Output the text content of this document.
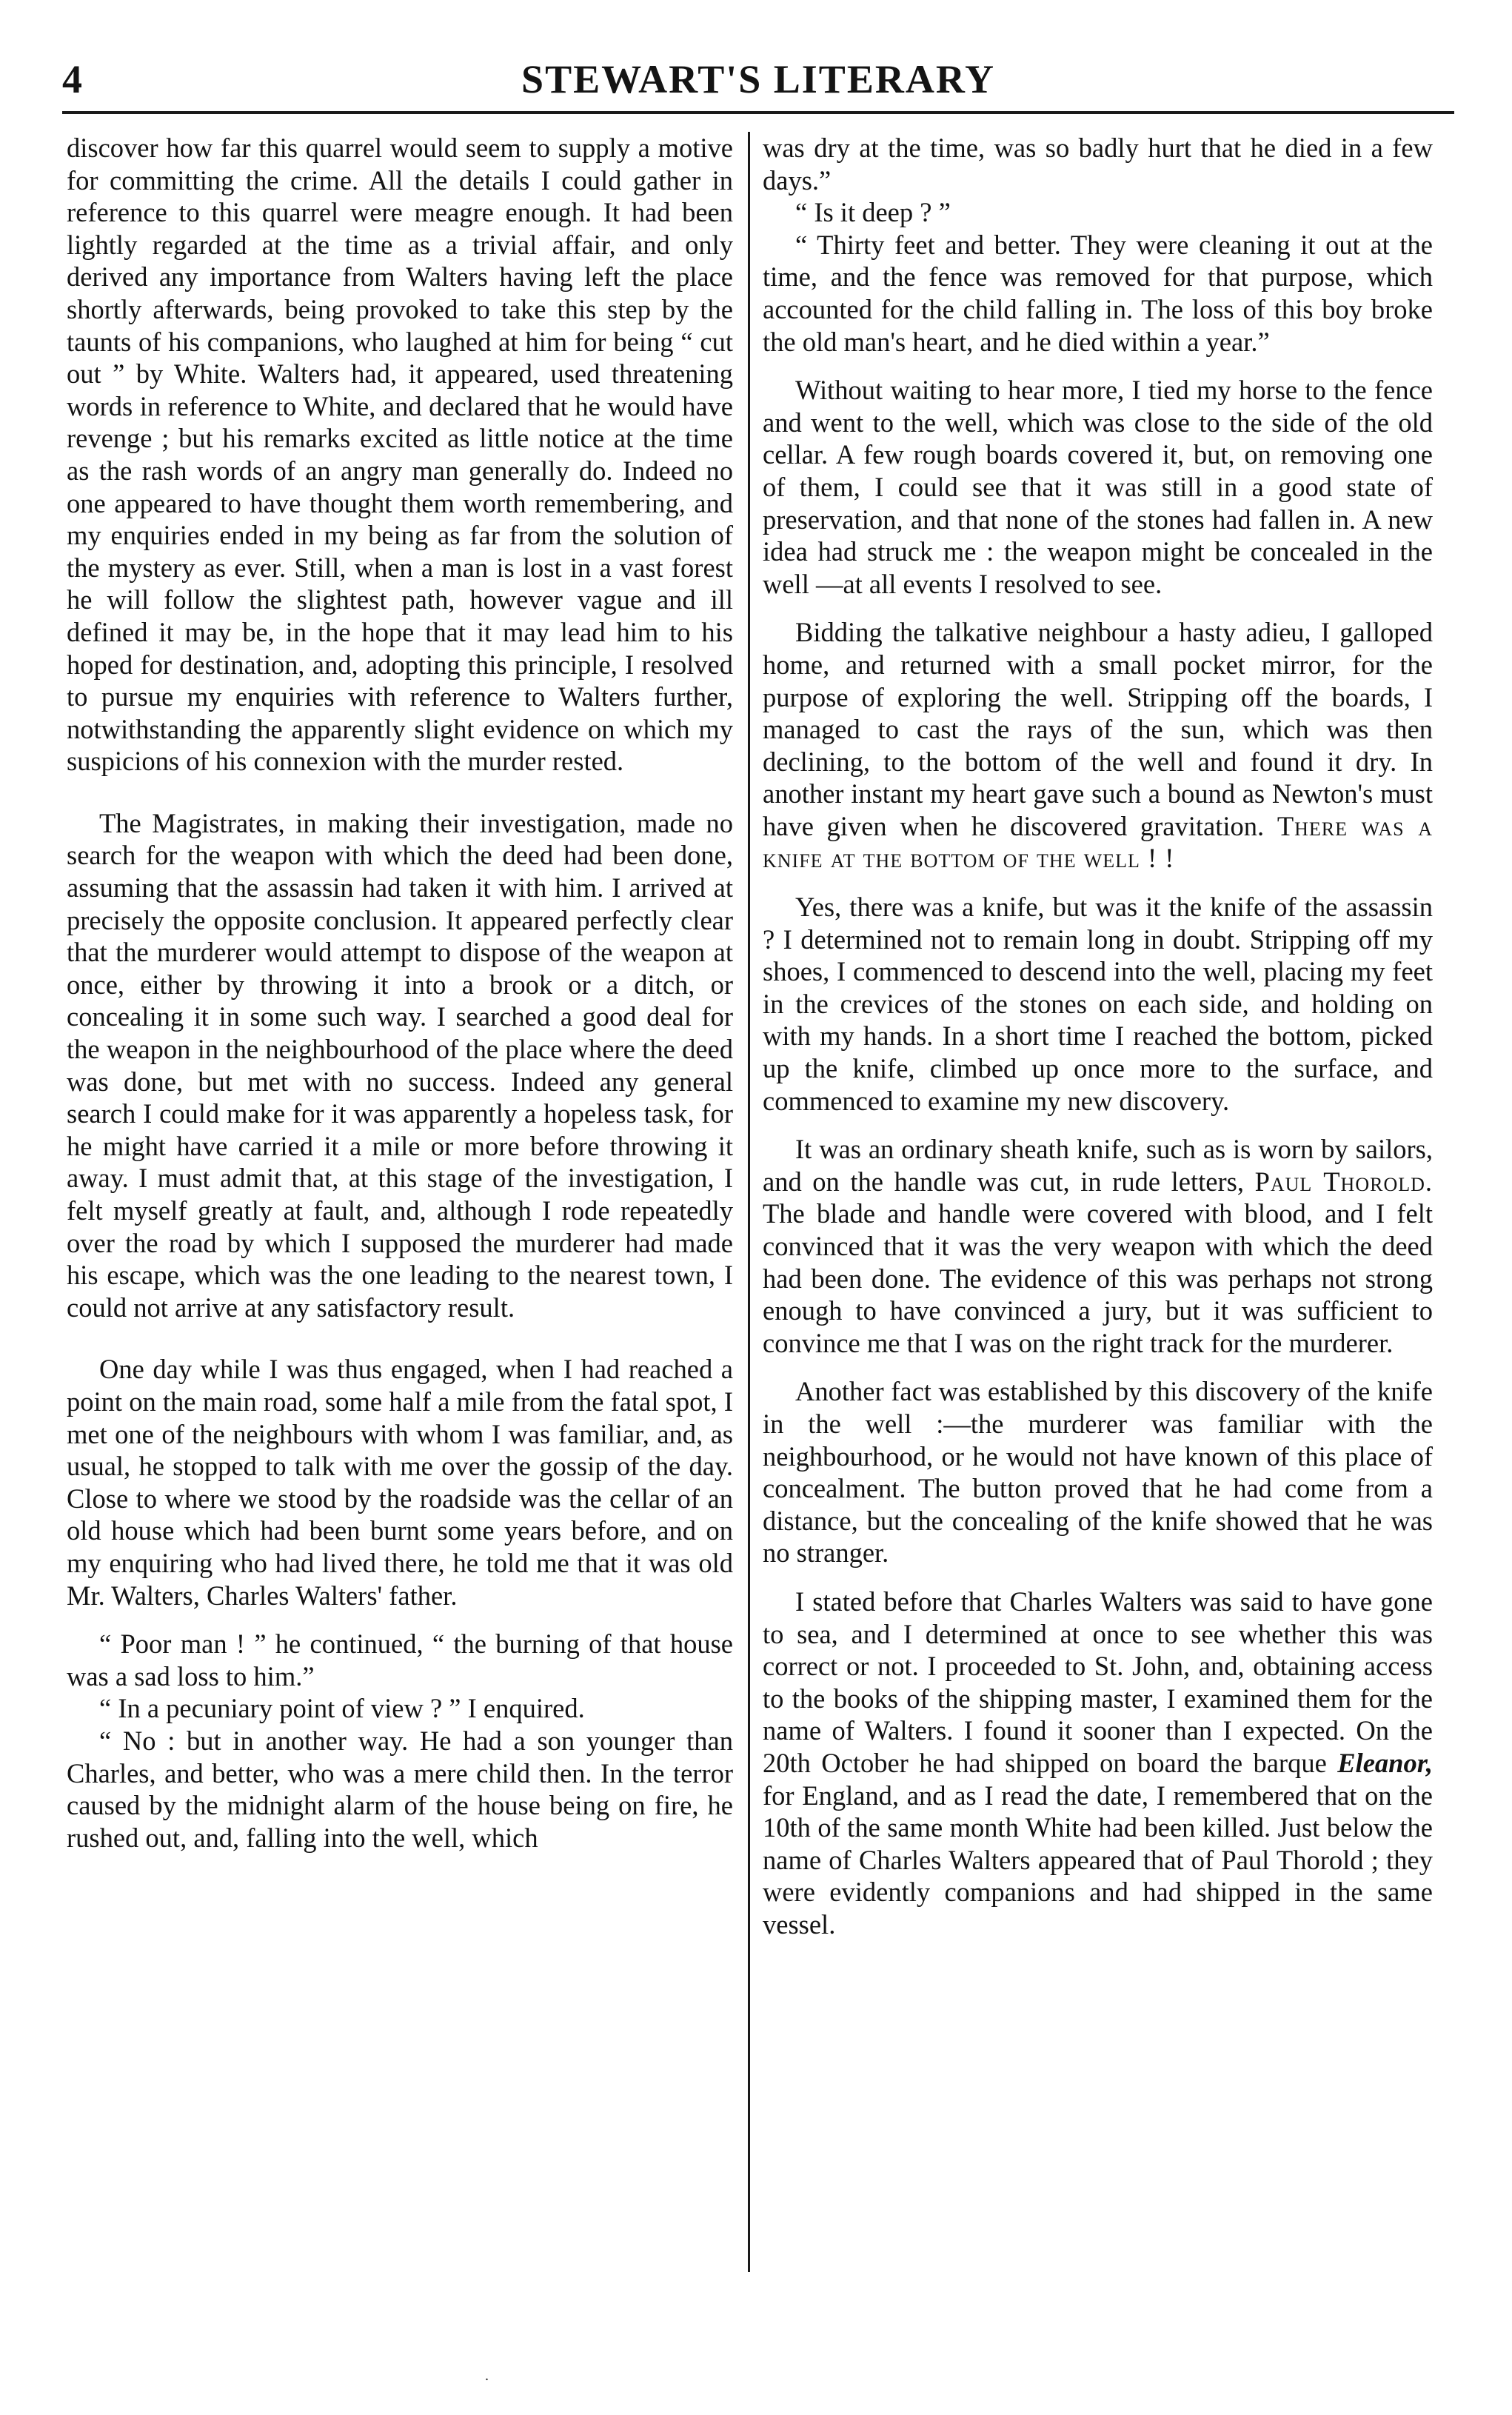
STEWART'S LITERARY
4

discover how far this quarrel would seem to supply a motive for committing the crime. All the details I could gather in reference to this quarrel were meagre enough. It had been lightly regarded at the time as a trivial affair, and only derived any importance from Walters having left the place shortly afterwards, being provoked to take this step by the taunts of his companions, who laughed at him for being “ cut out ” by White. Walters had, it appeared, used threatening words in reference to White, and declared that he would have revenge ; but his remarks excited as little notice at the time as the rash words of an angry man generally do. Indeed no one appeared to have thought them worth remembering, and my enquiries ended in my being as far from the solution of the mystery as ever. Still, when a man is lost in a vast forest he will follow the slightest path, however vague and ill defined it may be, in the hope that it may lead him to his hoped for destination, and, adopting this principle, I resolved to pursue my enquiries with reference to Walters further, notwithstanding the apparently slight evidence on which my suspicions of his connexion with the murder rested.

The Magistrates, in making their investigation, made no search for the weapon with which the deed had been done, assuming that the assassin had taken it with him. I arrived at precisely the opposite conclusion. It appeared perfectly clear that the murderer would attempt to dispose of the weapon at once, either by throwing it into a brook or a ditch, or concealing it in some such way. I searched a good deal for the weapon in the neighbourhood of the place where the deed was done, but met with no success. Indeed any general search I could make for it was apparently a hopeless task, for he might have carried it a mile or more before throwing it away. I must admit that, at this stage of the investigation, I felt myself greatly at fault, and, although I rode repeatedly over the road by which I supposed the murderer had made his escape, which was the one leading to the nearest town, I could not arrive at any satisfactory result.

One day while I was thus engaged, when I had reached a point on the main road, some half a mile from the fatal spot, I met one of the neighbours with whom I was familiar, and, as usual, he stopped to talk with me over the gossip of the day. Close to where we stood by the roadside was the cellar of an old house which had been burnt some years before, and on my enquiring who had lived there, he told me that it was old Mr. Walters, Charles Walters' father.

“ Poor man ! ” he continued, “ the burning of that house was a sad loss to him.”

“ In a pecuniary point of view ? ” I enquired.

“ No : but in another way. He had a son younger than Charles, and better, who was a mere child then. In the terror caused by the midnight alarm of the house being on fire, he rushed out, and, falling into the well, which

was dry at the time, was so badly hurt that he died in a few days.”

“ Is it deep ? ”

“ Thirty feet and better. They were cleaning it out at the time, and the fence was removed for that purpose, which accounted for the child falling in. The loss of this boy broke the old man's heart, and he died within a year.”

Without waiting to hear more, I tied my horse to the fence and went to the well, which was close to the side of the old cellar. A few rough boards covered it, but, on removing one of them, I could see that it was still in a good state of preservation, and that none of the stones had fallen in. A new idea had struck me : the weapon might be concealed in the well —at all events I resolved to see.

Bidding the talkative neighbour a hasty adieu, I galloped home, and returned with a small pocket mirror, for the purpose of exploring the well. Stripping off the boards, I managed to cast the rays of the sun, which was then declining, to the bottom of the well and found it dry. In another instant my heart gave such a bound as Newton's must have given when he discovered gravitation. There was a knife at the bottom of the well ! !

Yes, there was a knife, but was it the knife of the assassin ? I determined not to remain long in doubt. Stripping off my shoes, I commenced to descend into the well, placing my feet in the crevices of the stones on each side, and holding on with my hands. In a short time I reached the bottom, picked up the knife, climbed up once more to the surface, and commenced to examine my new discovery.

It was an ordinary sheath knife, such as is worn by sailors, and on the handle was cut, in rude letters, Paul Thorold. The blade and handle were covered with blood, and I felt convinced that it was the very weapon with which the deed had been done. The evidence of this was perhaps not strong enough to have convinced a jury, but it was sufficient to convince me that I was on the right track for the murderer.

Another fact was established by this discovery of the knife in the well :—the murderer was familiar with the neighbourhood, or he would not have known of this place of concealment. The button proved that he had come from a distance, but the concealing of the knife showed that he was no stranger.

I stated before that Charles Walters was said to have gone to sea, and I determined at once to see whether this was correct or not. I proceeded to St. John, and, obtaining access to the books of the shipping master, I examined them for the name of Walters. I found it sooner than I expected. On the 20th October he had shipped on board the barque Eleanor, for England, and as I read the date, I remembered that on the 10th of the same month White had been killed. Just below the name of Charles Walters appeared that of Paul Thorold ; they were evidently companions and had shipped in the same vessel.

.
